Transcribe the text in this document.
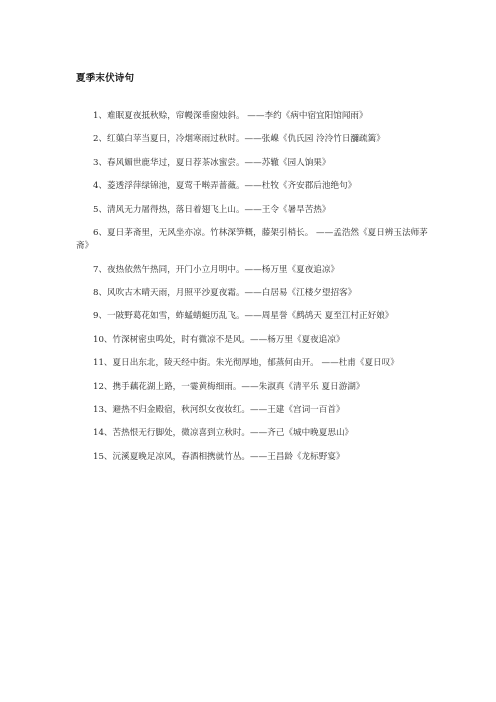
夏季末伏诗句
1、难眠夏夜抵秋赊，帘幔深垂窗烛斜。 ——李约《病中宿宜阳馆闻雨》
2、红蕖白苹当夏日，冷烟寒雨过秋时。——张嵲《仇氏园 泠泠竹日瀰疏篱》
3、春风媚世鹿华过，夏日荐茶冰蜜尝。——苏辙《园人饷果》
4、菱透浮萍绿锦池，夏莺千啭弄蔷薇。——杜牧《齐安郡后池绝句》
5、清风无力屠得热，落日着翅飞上山。——王令《暑旱苦热》
6、夏日茅斋里，无风坐亦凉。竹林深笋概，藤架引梢长。 ——孟浩然《夏日辨玉法师茅斋》
7、夜热依然午热同，开门小立月明中。——杨万里《夏夜追凉》
8、风吹古木晴天雨，月照平沙夏夜霜。——白居易《江楼夕望招客》
9、一陂野葛花如雪，蚱蜢蜻蜓历乱飞。——周星誉《鹧鸪天 夏至江村正好娘》
10、竹深树密虫鸣处，时有微凉不是风。——杨万里《夏夜追凉》
11、夏日出东北，陵天经中街。朱光彻厚地，郁蒸何由开。 ——杜甫《夏日叹》
12、携手藕花湖上路，一霎黄梅细雨。——朱淑真《清平乐 夏日游湖》
13、避热不归金殿宿，秋河织女夜妆红。——王建《宫词一百首》
14、苦热恨无行脚处，微凉喜到立秋时。——齐己《城中晚夏思山》
15、沅溪夏晚足凉风，春酒相携就竹丛。——王昌龄《龙标野宴》
